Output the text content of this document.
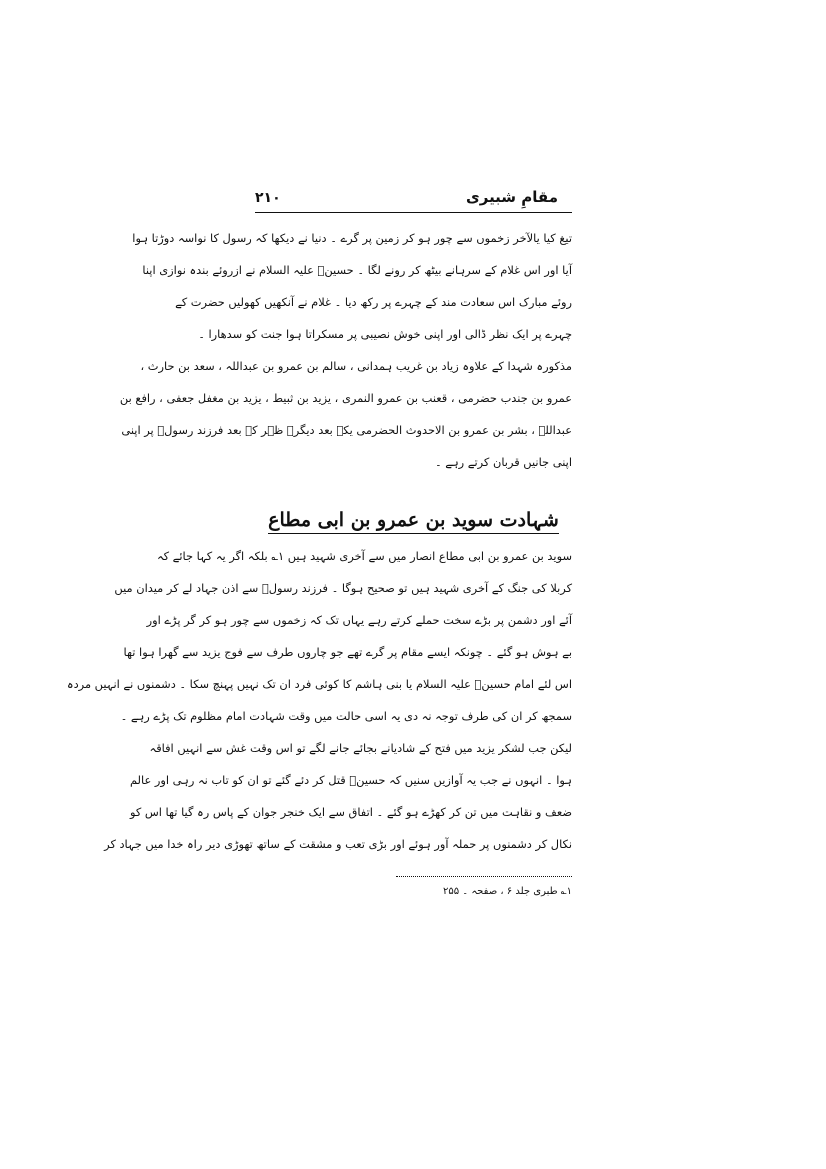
مقامِ شبیری
۲۱۰
تیغ کیا یالآخر زخموں سے چور ہو کر زمین پر گرے ۔ دنیا نے دیکھا کہ رسول کا نواسہ دوڑتا ہوا
آیا اور اس غلام کے سرہانے بیٹھ کر رونے لگا ۔ حسینؑ علیہ السلام نے ازروئے بندہ نوازی اپنا
روئے مبارک اس سعادت مند کے چہرے پر رکھ دیا ۔ غلام نے آنکھیں کھولیں حضرت کے
چہرے پر ایک نظر ڈالی اور اپنی خوش نصیبی پر مسکراتا ہوا جنت کو سدھارا ۔
مذکورہ شہدا کے علاوہ زیاد بن غریب ہمدانی ، سالم بن عمرو بن عبداللہ ، سعد بن حارث ،
عمرو بن جندب حضرمی ، قعنب بن عمرو النمری ، یزید بن ثبیط ، یزید بن مغفل جعفی ، رافع بن
عبداللہ ، بشر بن عمرو بن الاحدوث الحضرمی یکے بعد دیگرے ظہر کے بعد فرزند رسولؐ پر اپنی
اپنی جانیں قربان کرتے رہے ۔
شہادت سوید بن عمرو بن ابی مطاع
سوید بن عمرو بن ابی مطاع انصار میں سے آخری شہید ہیں ۱؎ بلکہ اگر یہ کہا جائے کہ
کربلا کی جنگ کے آخری شہید ہیں تو صحیح ہوگا ۔ فرزند رسولؐ سے اذن جہاد لے کر میدان میں
آئے اور دشمن پر بڑے سخت حملے کرتے رہے یہاں تک کہ زخموں سے چور ہو کر گر پڑے اور
بے ہوش ہو گئے ۔ چونکہ ایسے مقام پر گرے تھے جو چاروں طرف سے فوج یزید سے گھرا ہوا تھا
اس لئے امام حسینؑ علیہ السلام یا بنی ہاشم کا کوئی فرد ان تک نہیں پہنچ سکا ۔ دشمنوں نے انہیں مردہ
سمجھ کر ان کی طرف توجہ نہ دی یہ اسی حالت میں وقت شہادت امام مظلوم تک پڑے رہے ۔
لیکن جب لشکر یزید میں فتح کے شادیانے بجائے جانے لگے تو اس وقت غش سے انہیں افاقہ
ہوا ۔ انہوں نے جب یہ آوازیں سنیں کہ حسینؑ قتل کر دئے گئے تو ان کو تاب نہ رہی اور عالم
ضعف و نقاہت میں تن کر کھڑے ہو گئے ۔ اتفاق سے ایک خنجر جوان کے پاس رہ گیا تھا اس کو
نکال کر دشمنوں پر حملہ آور ہوئے اور بڑی تعب و مشقت کے ساتھ تھوڑی دیر راہ خدا میں جہاد کر
۱؎ طبری جلد ۶ ، صفحہ ۔ ۲۵۵
